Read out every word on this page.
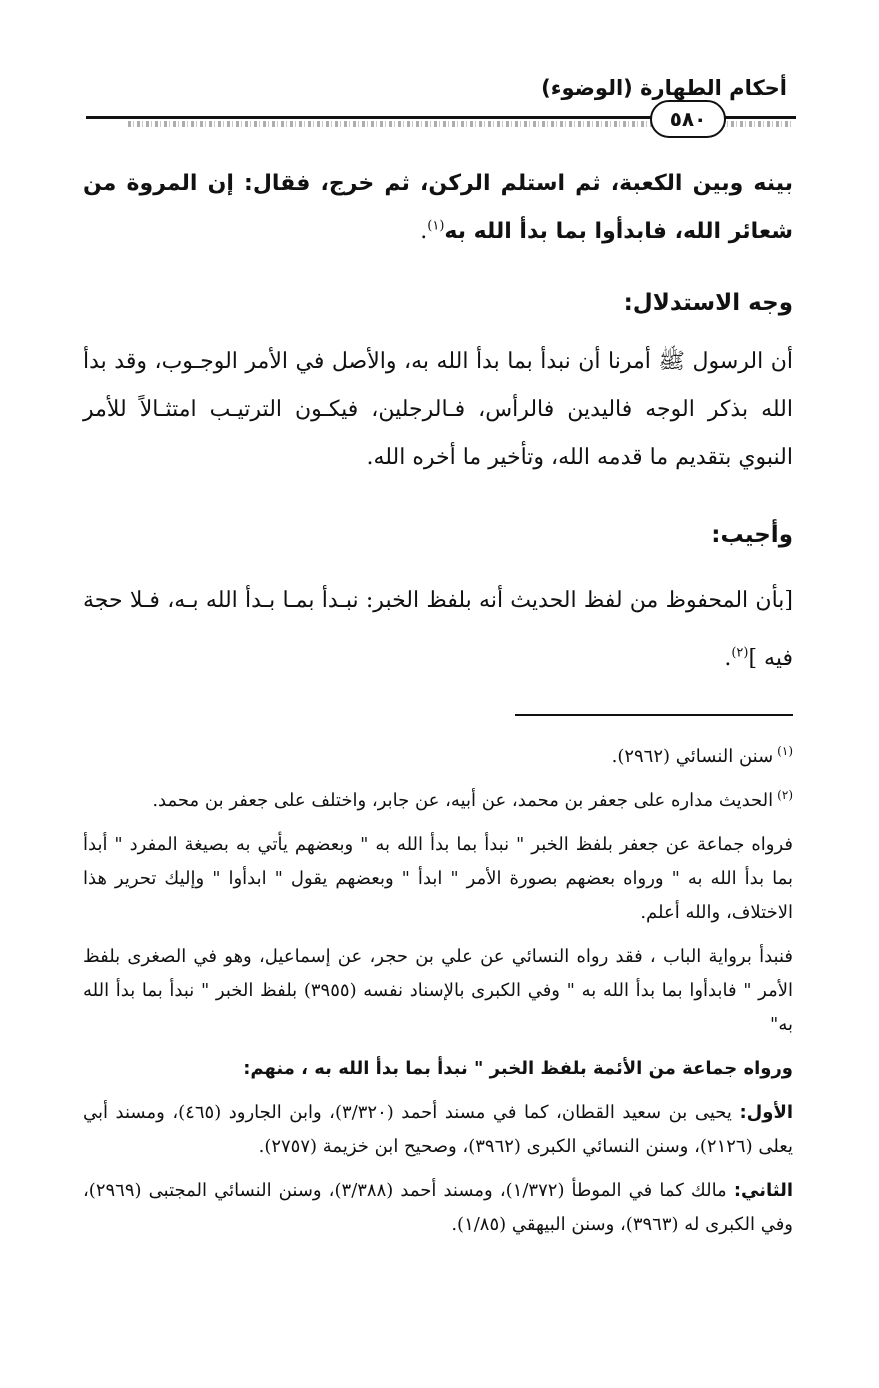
أحكام الطهارة (الوضوء)
٥٨٠

بينه وبين الكعبة، ثم استلم الركن، ثم خرج، فقال: إن المروة من شعائر الله، فابدأوا بما بدأ الله به$^{(١)}$.

وجه الاستدلال:

أن الرسول ﷺ أمرنا أن نبدأ بما بدأ الله به، والأصل في الأمر الوجـوب، وقد بدأ الله بذكر الوجه فاليدين فالرأس، فـالرجلين، فيكـون الترتيـب امتثـالاً للأمر النبوي بتقديم ما قدمه الله، وتأخير ما أخره الله.

وأجيب:

[بأن المحفوظ من لفظ الحديث أنه بلفظ الخبر: نبـدأ بمـا بـدأ الله بـه، فـلا حجة فيه ]$^{(٢)}$.

$^{(١)}$سنن النسائي (٢٩٦٢).

$^{(٢)}$الحديث مداره على جعفر بن محمد، عن أبيه، عن جابر، واختلف على جعفر بن محمد.

فرواه جماعة عن جعفر بلفظ الخبر " نبدأ بما بدأ الله به " وبعضهم يأتي به بصيغة المفرد " أبدأ بما بدأ الله به " ورواه بعضهم بصورة الأمر " ابدأ " وبعضهم يقول " ابدأوا " وإليك تحرير هذا الاختلاف، والله أعلم.

فنبدأ برواية الباب ، فقد رواه النسائي عن علي بن حجر، عن إسماعيل، وهو في الصغرى بلفظ الأمر " فابدأوا بما بدأ الله به " وفي الكبرى بالإسناد نفسه (٣٩٥٥) بلفظ الخبر " نبدأ بما بدأ الله به"

ورواه جماعة من الأئمة بلفظ الخبر " نبدأ بما بدأ الله به ، منهم:

الأول: يحيى بن سعيد القطان، كما في مسند أحمد (٣/٣٢٠)، وابن الجارود (٤٦٥)، ومسند أبي يعلى (٢١٢٦)، وسنن النسائي الكبرى (٣٩٦٢)، وصحيح ابن خزيمة (٢٧٥٧).

الثاني: مالك كما في الموطأ (١/٣٧٢)، ومسند أحمد (٣/٣٨٨)، وسنن النسائي المجتبى (٢٩٦٩)، وفي الكبرى له (٣٩٦٣)، وسنن البيهقي (١/٨٥).
